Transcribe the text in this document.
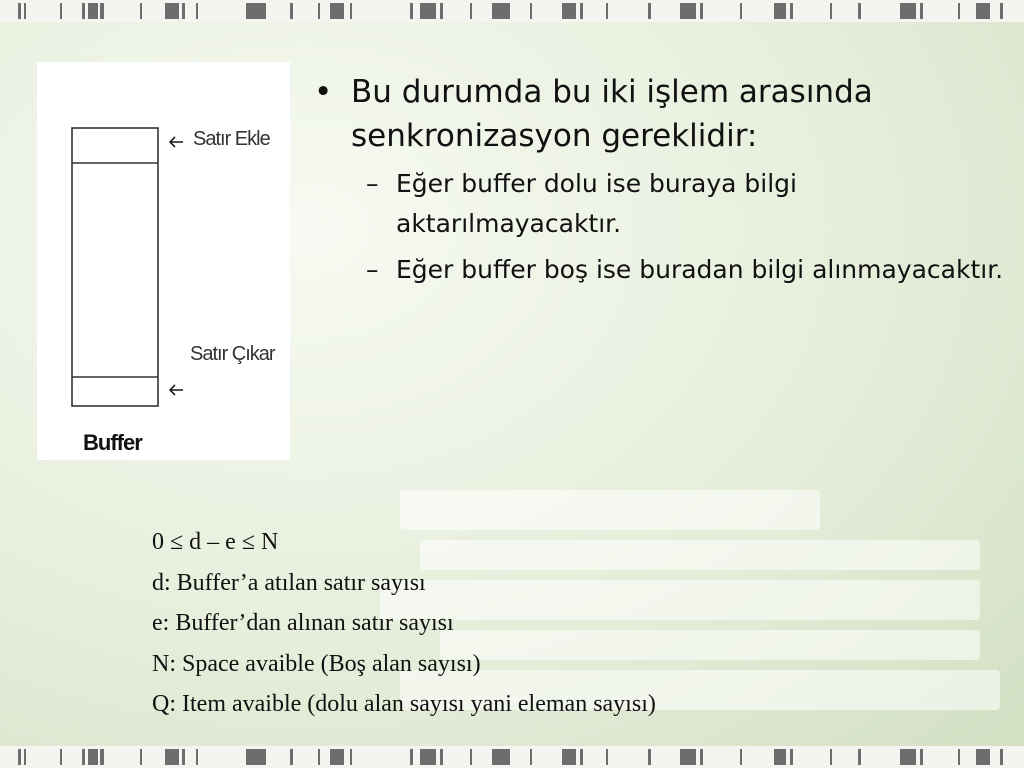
Satır Ekle
Satır Çıkar
Buffer
• Bu durumda bu iki işlem arasında senkronizasyon gereklidir:
– Eğer buffer dolu ise buraya bilgi aktarılmayacaktır.
– Eğer buffer boş ise buradan bilgi alınmayacaktır.
0 ≤ d – e ≤ N
d: Buffer’a atılan satır sayısı
e: Buffer’dan alınan satır sayısı
N: Space avaible (Boş alan sayısı)
Q: Item avaible (dolu alan sayısı yani eleman sayısı)
